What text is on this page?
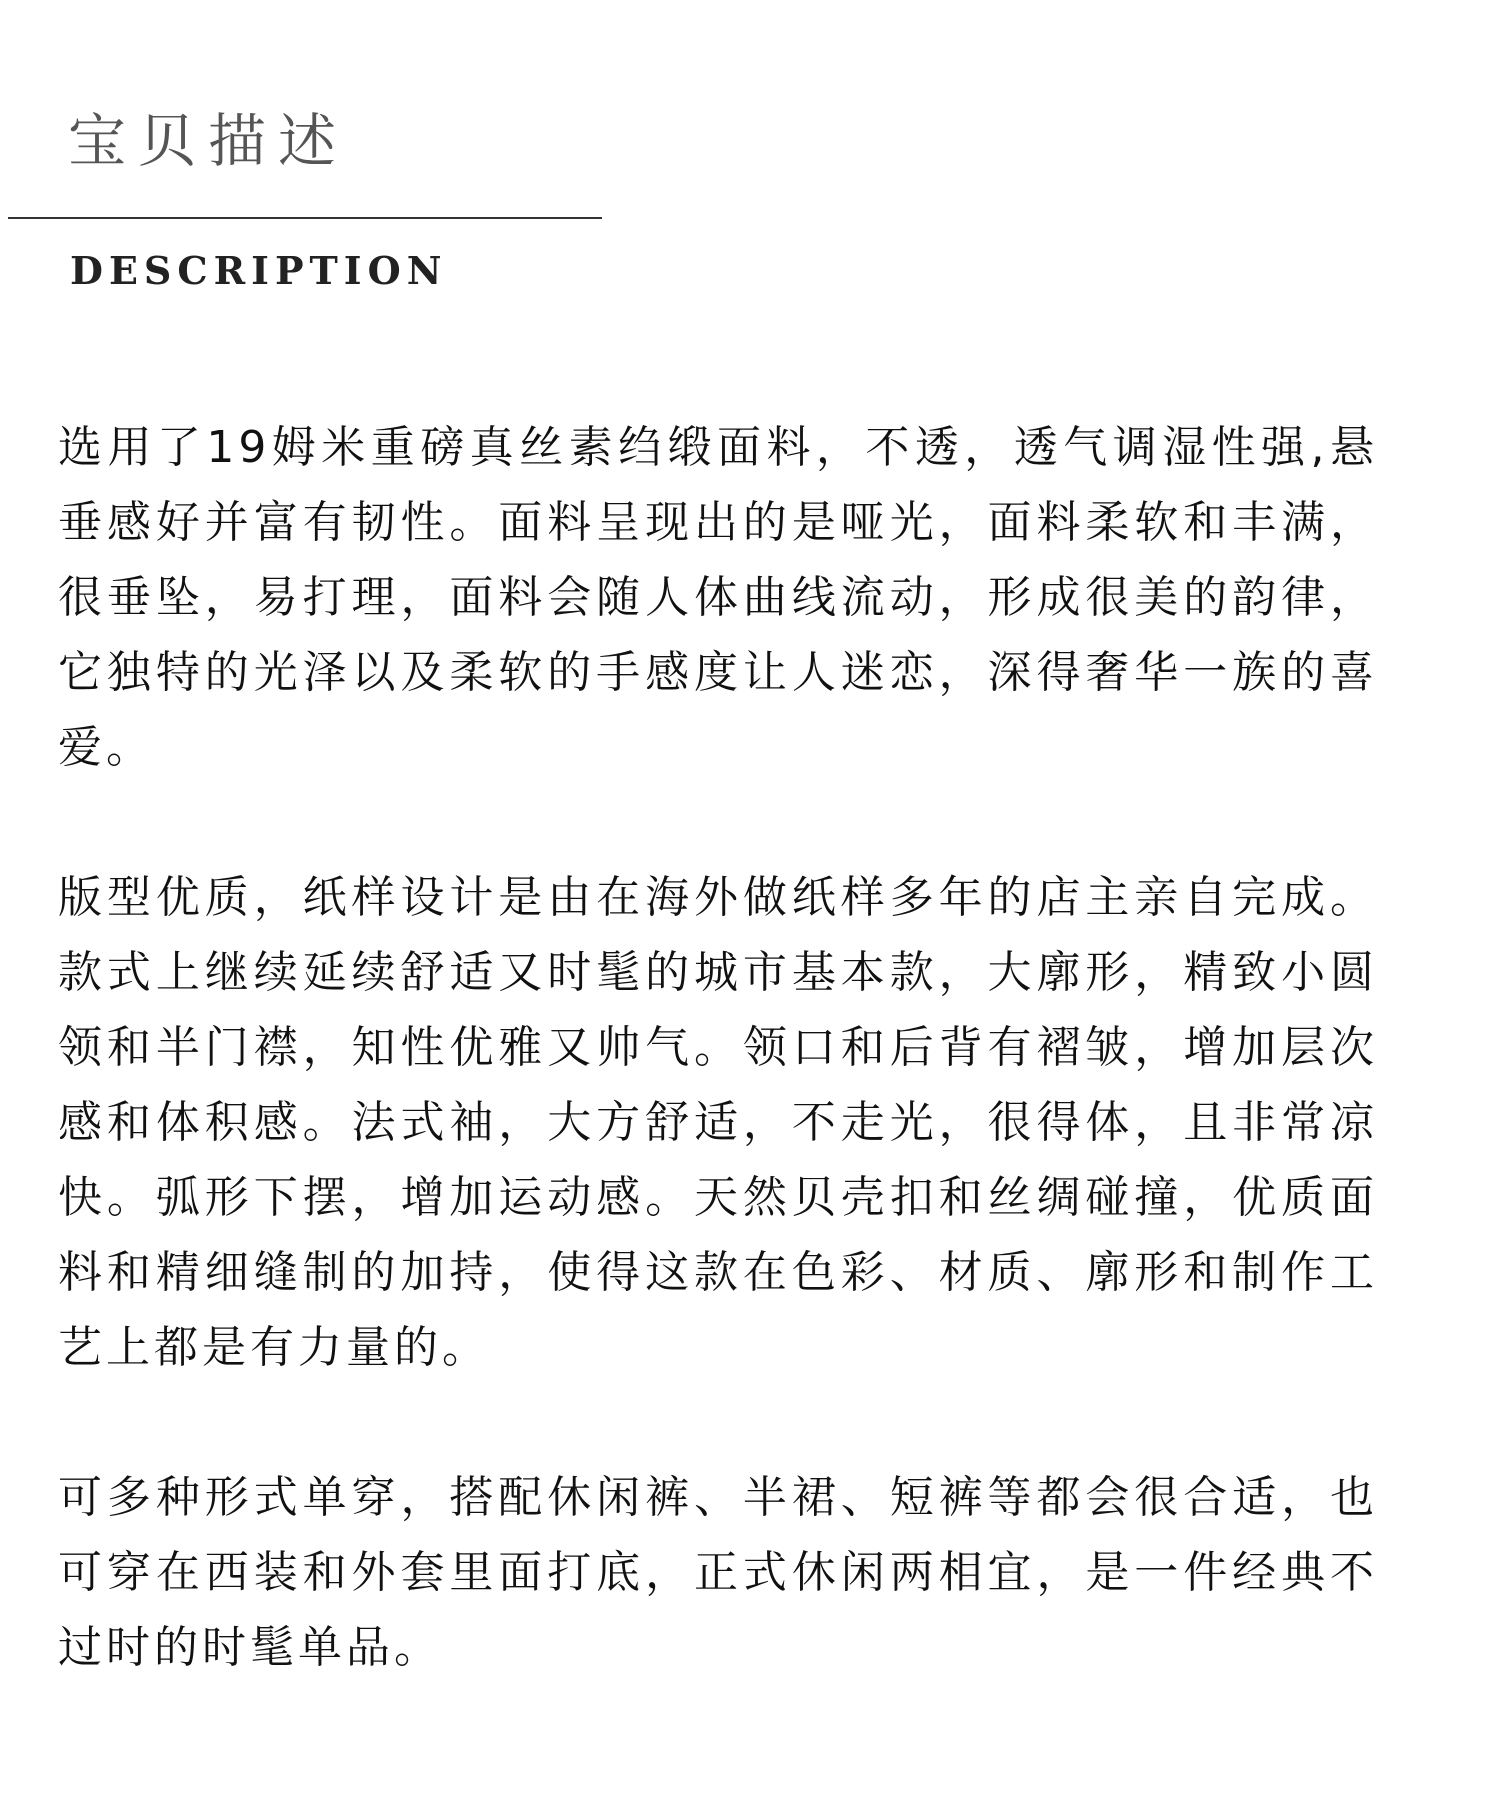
宝贝描述
DESCRIPTION

选用了19姆米重磅真丝素绉缎面料，不透，透气调湿性强,悬垂感好并富有韧性。面料呈现出的是哑光，面料柔软和丰满，很垂坠，易打理，面料会随人体曲线流动，形成很美的韵律，它独特的光泽以及柔软的手感度让人迷恋，深得奢华一族的喜爱。

版型优质，纸样设计是由在海外做纸样多年的店主亲自完成。款式上继续延续舒适又时髦的城市基本款，大廓形，精致小圆领和半门襟，知性优雅又帅气。领口和后背有褶皱，增加层次感和体积感。法式袖，大方舒适，不走光，很得体，且非常凉快。弧形下摆，增加运动感。天然贝壳扣和丝绸碰撞，优质面料和精细缝制的加持，使得这款在色彩、材质、廓形和制作工艺上都是有力量的。

可多种形式单穿，搭配休闲裤、半裙、短裤等都会很合适，也可穿在西装和外套里面打底，正式休闲两相宜，是一件经典不过时的时髦单品。
